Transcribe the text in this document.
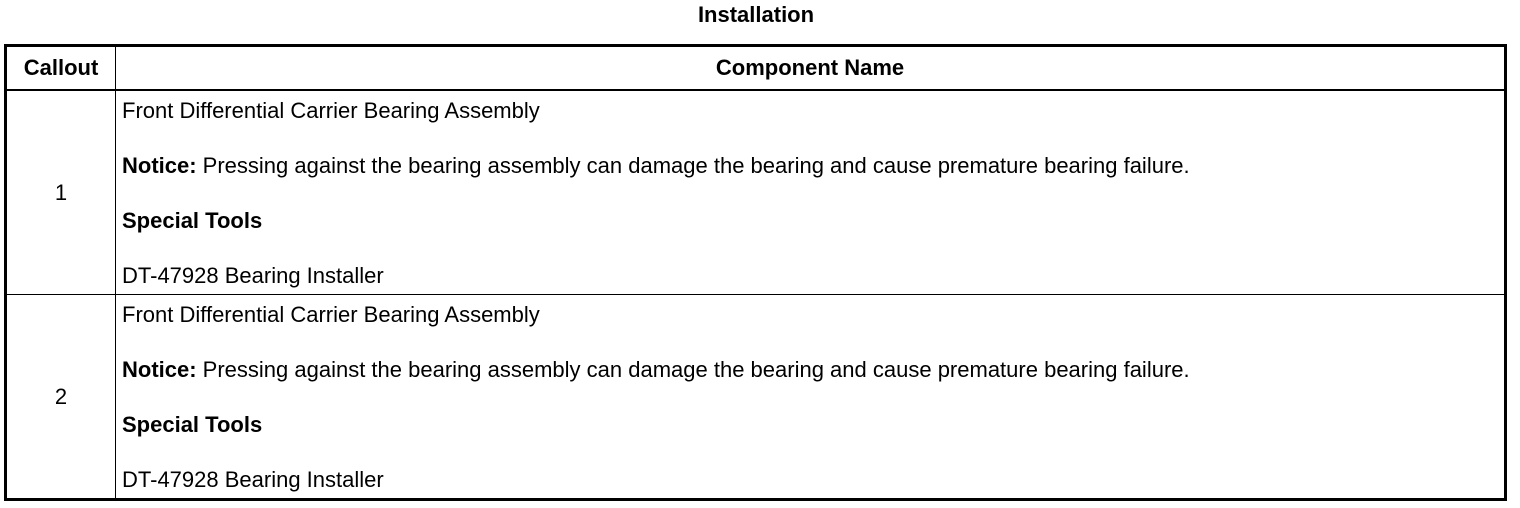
Installation
Callout	Component Name
1	Front Differential Carrier Bearing Assembly
Notice: Pressing against the bearing assembly can damage the bearing and cause premature bearing failure.
Special Tools
DT-47928 Bearing Installer

2	Front Differential Carrier Bearing Assembly
Notice: Pressing against the bearing assembly can damage the bearing and cause premature bearing failure.
Special Tools
DT-47928 Bearing Installer
